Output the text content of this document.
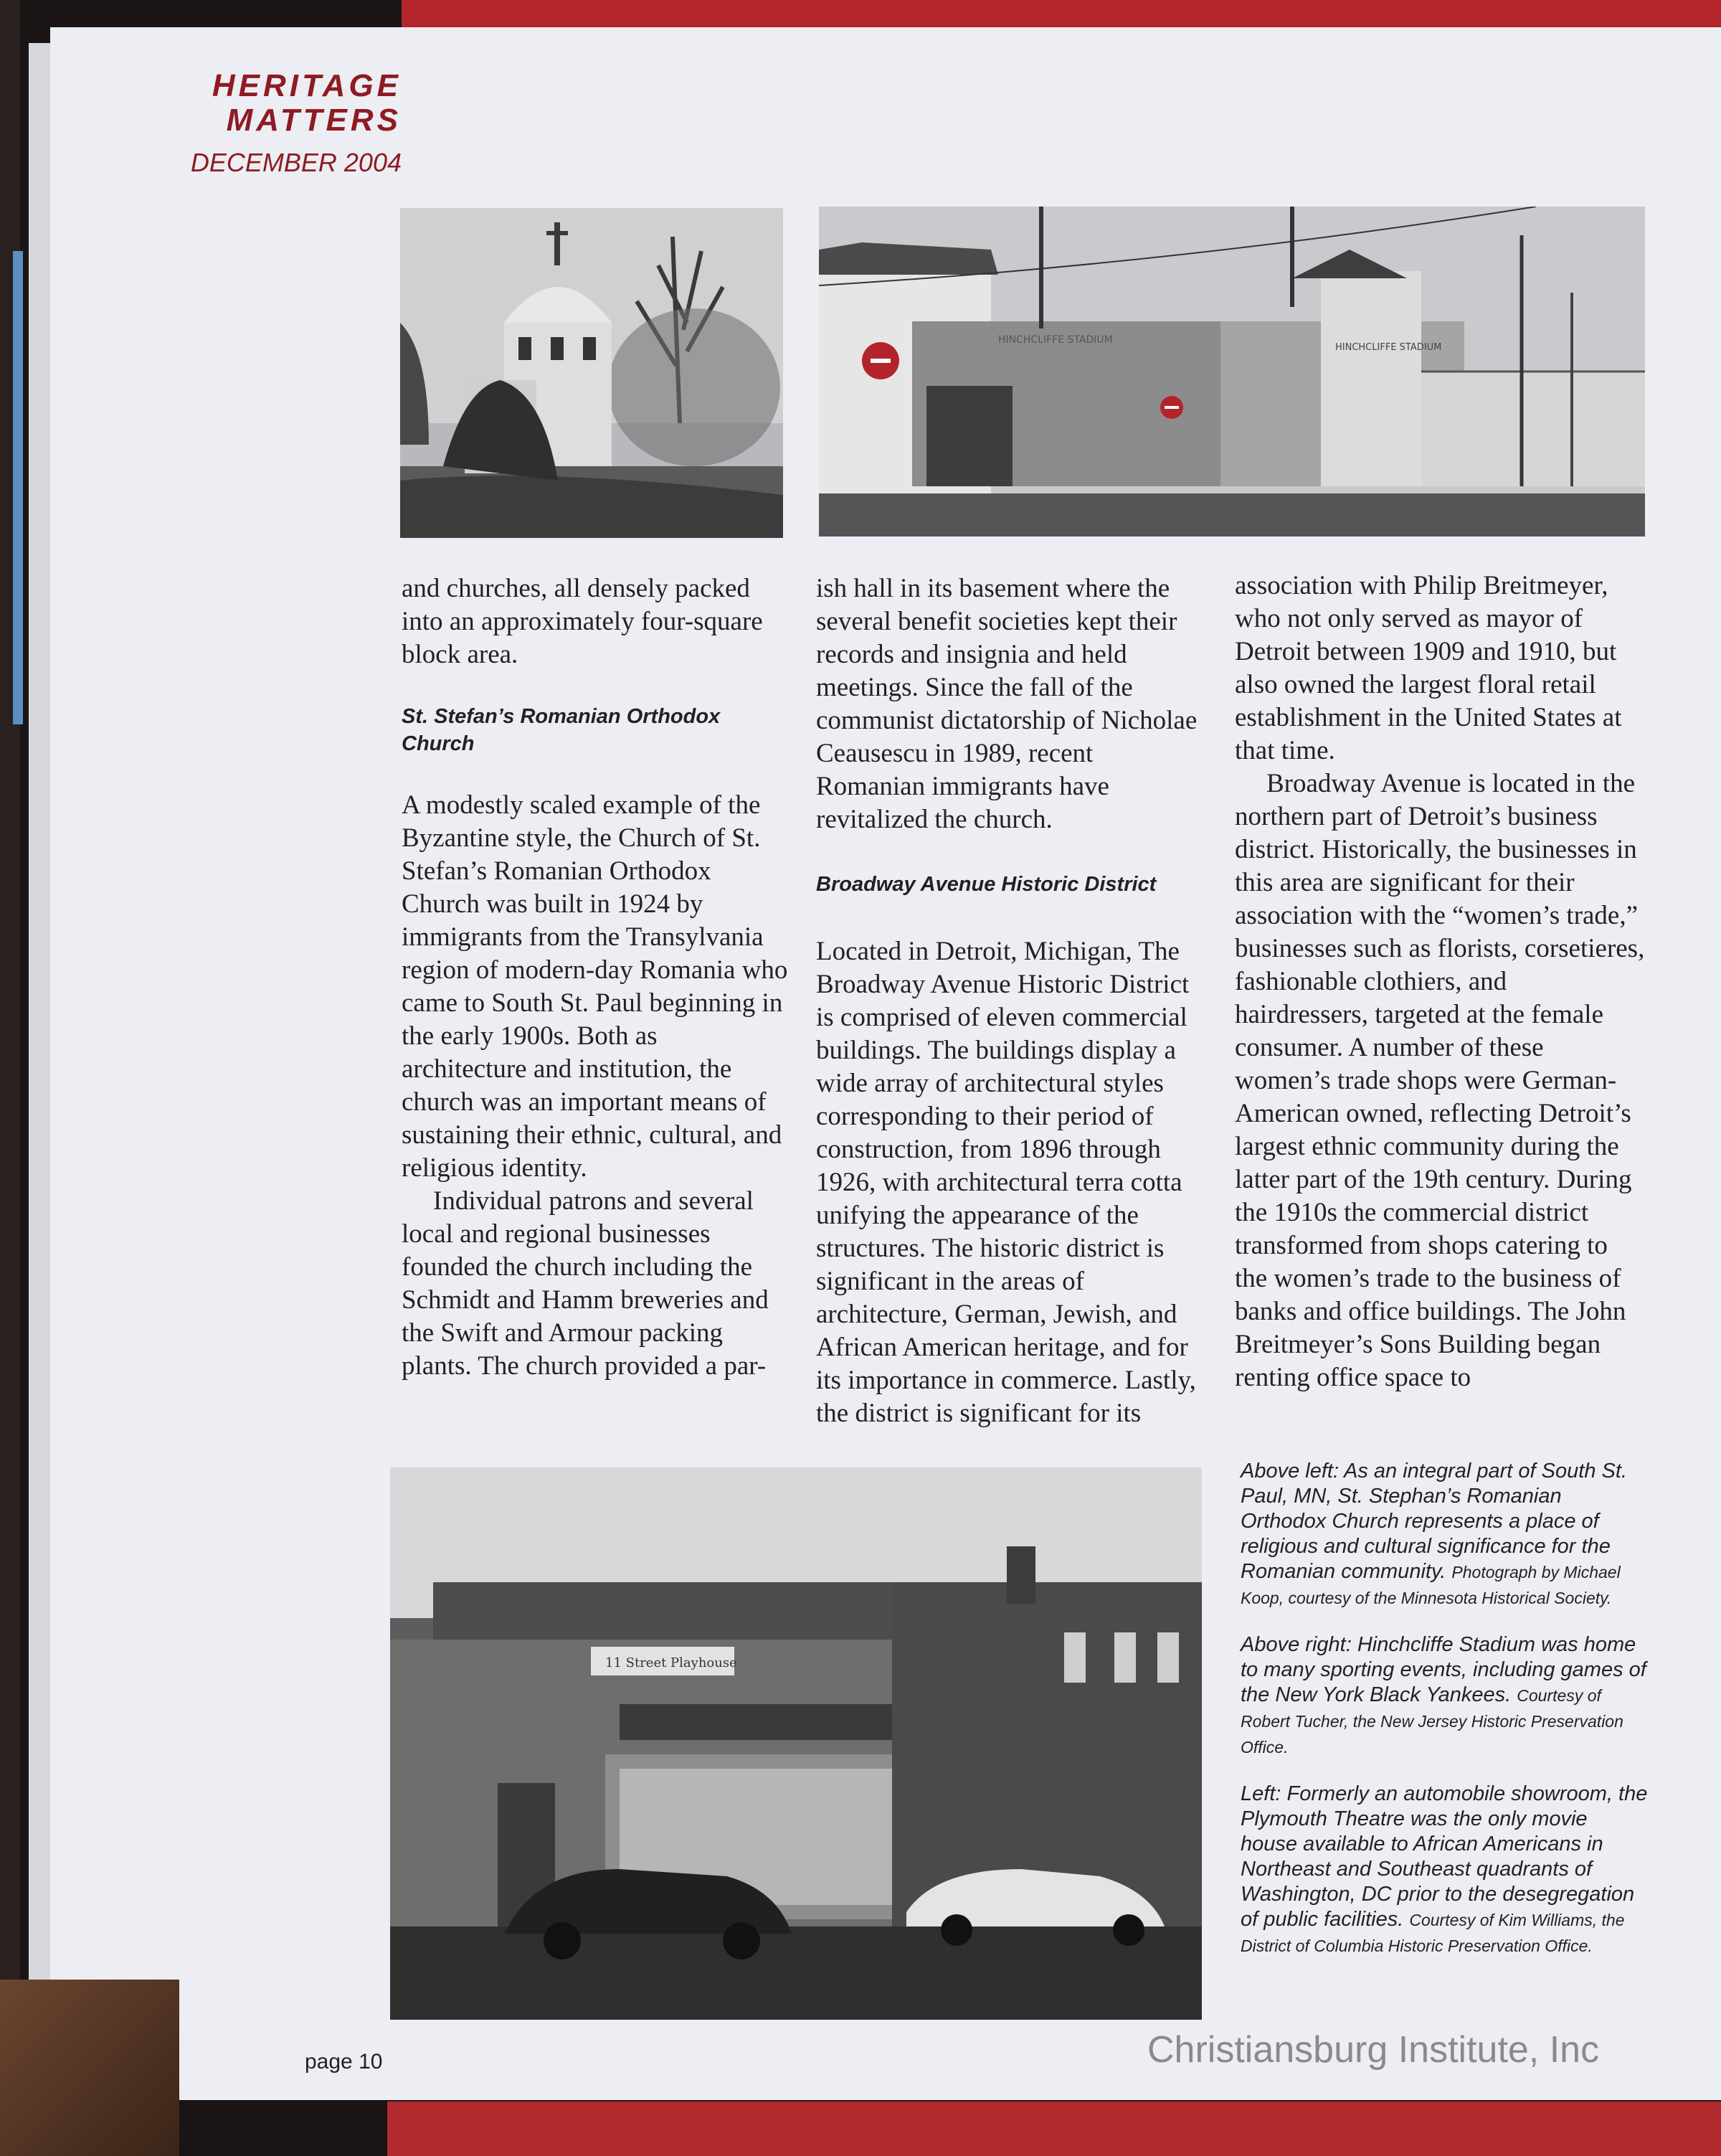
HERITAGE
MATTERS
DECEMBER 2004
HINCHCLIFFE STADIUM
HINCHCLIFFE STADIUM

and churches, all densely packed into an approximately four-square block area.

St. Stefan’s Romanian Orthodox Church

A modestly scaled example of the Byzantine style, the Church of St. Stefan’s Romanian Orthodox Church was built in 1924 by immigrants from the Transylvania region of modern-day Romania who came to South St. Paul beginning in the early 1900s. Both as architecture and institution, the church was an important means of sustaining their ethnic, cultural, and religious identity.

Individual patrons and several local and regional businesses founded the church including the Schmidt and Hamm breweries and the Swift and Armour packing plants. The church provided a par-

ish hall in its basement where the several benefit societies kept their records and insignia and held meetings. Since the fall of the communist dictatorship of Nicholae Ceausescu in 1989, recent Romanian immigrants have revitalized the church.

Broadway Avenue Historic District

Located in Detroit, Michigan, The Broadway Avenue Historic District is comprised of eleven commercial buildings. The buildings display a wide array of architectural styles corresponding to their period of construction, from 1896 through 1926, with architectural terra cotta unifying the appearance of the structures. The historic district is significant in the areas of architecture, German, Jewish, and African American heritage, and for its importance in commerce. Lastly, the district is significant for its

association with Philip Breitmeyer, who not only served as mayor of Detroit between 1909 and 1910, but also owned the largest floral retail establishment in the United States at that time.

Broadway Avenue is located in the northern part of Detroit’s business district. Historically, the businesses in this area are significant for their association with the “women’s trade,” businesses such as florists, corsetieres, fashionable clothiers, and hairdressers, targeted at the female consumer. A number of these women’s trade shops were German-American owned, reflecting Detroit’s largest ethnic community during the latter part of the 19th century. During the 1910s the commercial district transformed from shops catering to the women’s trade to the business of banks and office buildings. The John Breitmeyer’s Sons Building began renting office space to

11 Street Playhouse

Above left: As an integral part of South St. Paul, MN, St. Stephan’s Romanian Orthodox Church represents a place of religious and cultural significance for the Romanian community. Photograph by Michael Koop, courtesy of the Minnesota Historical Society.

Above right: Hinchcliffe Stadium was home to many sporting events, including games of the New York Black Yankees. Courtesy of Robert Tucher, the New Jersey Historic Preservation Office.

Left: Formerly an automobile showroom, the Plymouth Theatre was the only movie house available to African Americans in Northeast and Southeast quadrants of Washington, DC prior to the desegregation of public facilities. Courtesy of Kim Williams, the District of Columbia Historic Preservation Office.

page 10	Christiansburg Institute, Inc
